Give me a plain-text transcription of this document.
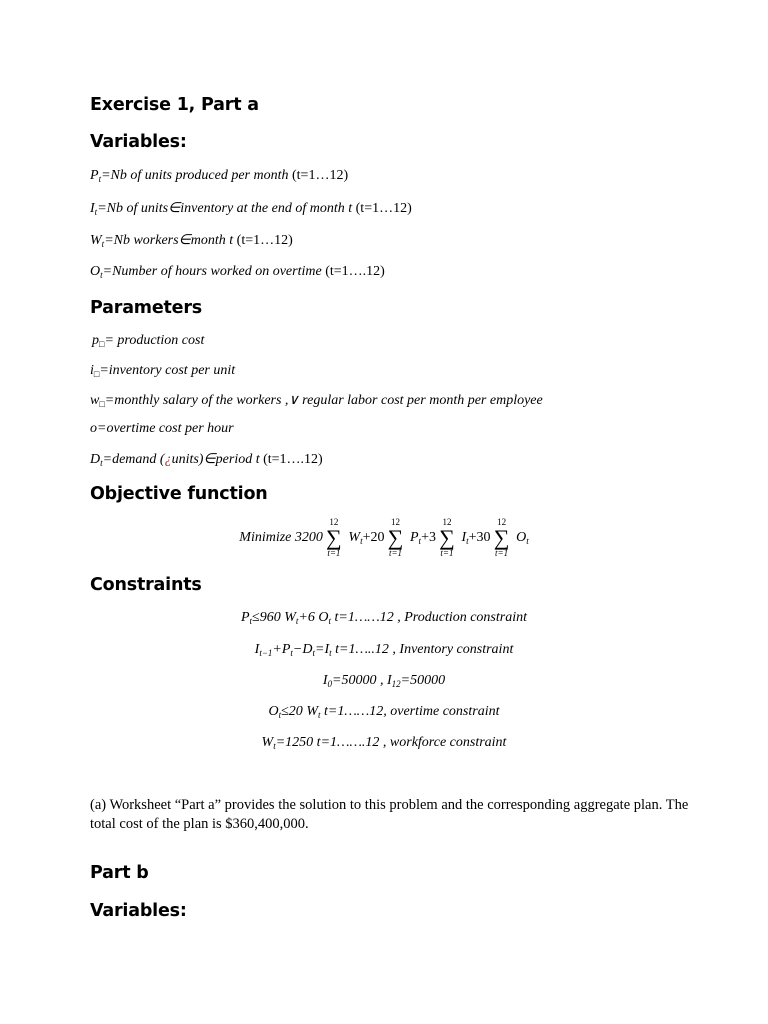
Exercise 1, Part a
Variables:
$P_t=Nb$ of units produced per month (t=1…12)
$I_t=Nb$ of units∈inventory at the end of month t (t=1…12)
$W_t=Nb$ workers∈month t (t=1…12)
$O_t=Number$ of hours worked on overtime (t=1….12)
Parameters
$p_□=$ production cost
$i_□=inventory$ cost per unit
$w_□=monthly$ salary of the workers ,∨ regular labor cost per month per employee
o=overtime cost per hour
$D_t=demand$ (¿units)∈period t (t=1….12)
Objective function
Minimize 3200
12
∑
t=1
$W_t+20$
12
∑
t=1
$P_t+3$
12
∑
t=1
$I_t+30$
12
∑
t=1
$O_t$
Constraints
$P_t\le 960$ $W_t+6$ $O_t$ t=1……12 , Production constraint
$I_{t-1}+P_t-D_t=I_t$ t=1…..12 , Inventory constraint
$I_0=50000$ , $I_{12}=50000$
$O_t\le 20$ $W_t$ t=1……12, overtime constraint
$W_t=1250$ t=1…….12 , workforce constraint
(a) Worksheet “Part a” provides the solution to this problem and the corresponding aggregate plan. The total cost of the plan is $360,400,000.
Part b
Variables:
